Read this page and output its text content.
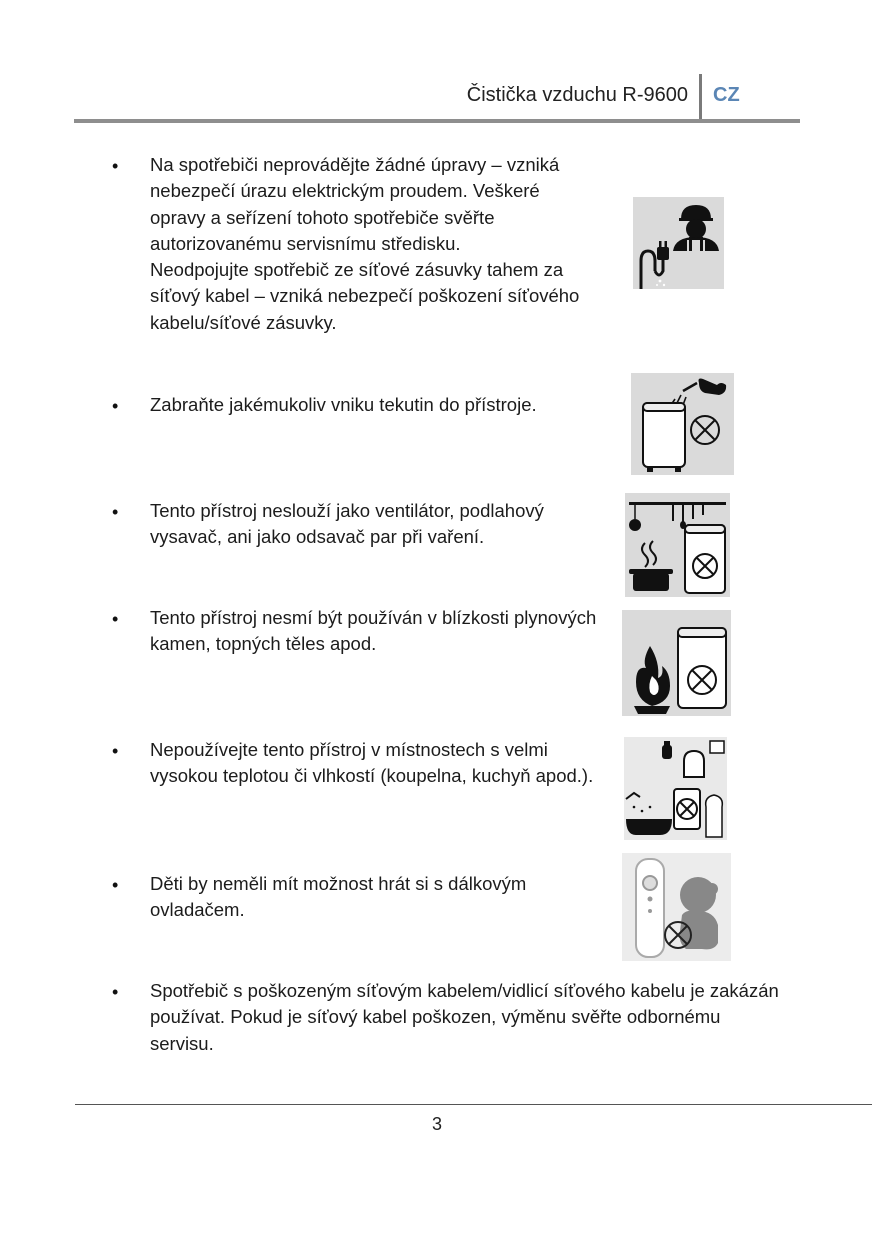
Čistička vzduchu R-9600 CZ
•	Na spotřebiči neprovádějte žádné úpravy – vzniká
nebezpečí úrazu elektrickým proudem. Veškeré
opravy a seřízení tohoto spotřebiče svěřte
autorizovanému servisnímu středisku.
Neodpojujte spotřebič ze síťové zásuvky tahem za
síťový kabel – vzniká nebezpečí poškození síťového
kabelu/síťové zásuvky.
•	Zabraňte jakémukoliv vniku tekutin do přístroje.
•	Tento přístroj neslouží jako ventilátor, podlahový
vysavač, ani jako odsavač par při vaření.
•	Tento přístroj nesmí být používán v blízkosti plynových
kamen, topných těles apod.
•	Nepoužívejte tento přístroj v místnostech s velmi
vysokou teplotou či vlhkostí (koupelna, kuchyň apod.).
•	Děti by neměli mít možnost hrát si s dálkovým
ovladačem.
•	Spotřebič s poškozeným síťovým kabelem/vidlicí síťového kabelu je zakázán
používat. Pokud je síťový kabel poškozen, výměnu svěřte odbornému
servisu.
3
